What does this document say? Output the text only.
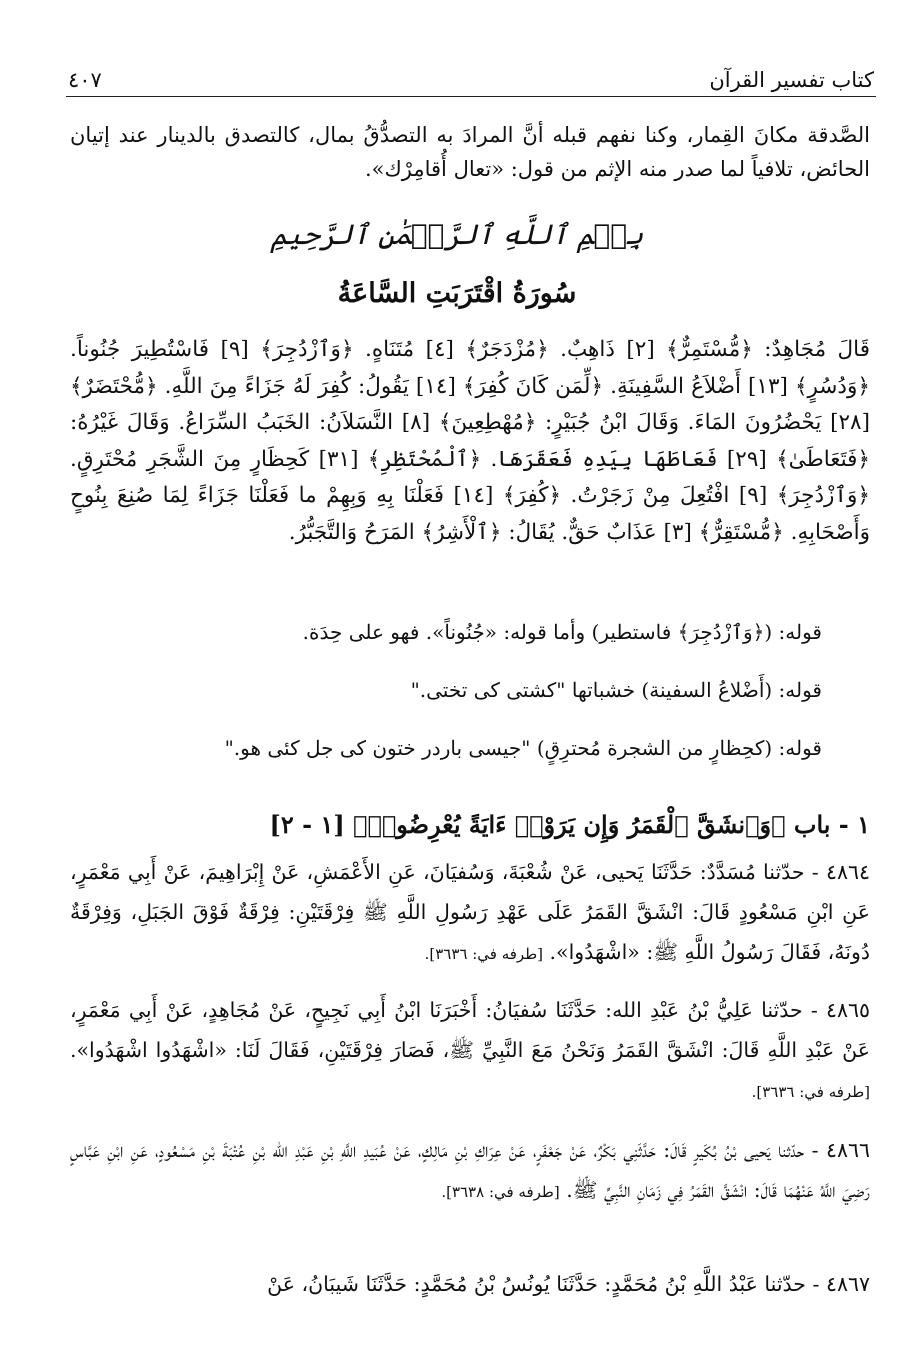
كتاب تفسير القرآن
٤٠٧
الصَّدقة مكانَ القِمار، وكنا نفهم قبله أنَّ المرادَ به التصدُّقُ بمال، كالتصدق بالدينار عند إتيان الحائض، تلافياً لما صدر منه الإثم من قول: «تعال أُقامِرْك».
بِسۡمِ ٱللَّهِ ٱلرَّحۡمَٰنِ ٱلرَّحِيمِ
سُورَةُ اقْتَرَبَتِ السَّاعَةُ
قَالَ مُجَاهِدٌ: ﴿مُّسْتَمِرٌّ﴾ [٢] ذَاهِبٌ. ﴿مُزْدَجَرٌ﴾ [٤] مُتَنَاهٍ. ﴿وَٱزْدُجِرَ﴾ [٩] فَاسْتُطِيرَ جُنُوناً. ﴿وَدُسُرٍ﴾ [١٣] أَضْلاَعُ السَّفِينَةِ. ﴿لِّمَن كَانَ كُفِرَ﴾ [١٤] يَقُولُ: كُفِرَ لَهُ جَزَاءً مِنَ اللَّهِ. ﴿مُّحْتَضَرٌ﴾ [٢٨] يَحْضُرُونَ المَاءَ. وَقَالَ ابْنُ جُبَيْرٍ: ﴿مُهْطِعِينَ﴾ [٨] النَّسَلاَنُ: الخَبَبُ السِّرَاعُ. وَقَالَ غَيْرُهُ: ﴿فَتَعَاطَىٰ﴾ [٢٩] فَعَاطَهَا بِيَدِهِ فَعَقَرَهَا. ﴿ٱلْمُحْتَظِرِ﴾ [٣١] كَحِظَارٍ مِنَ الشَّجَرِ مُحْتَرِقٍ. ﴿وَٱزْدُجِرَ﴾ [٩] افْتُعِلَ مِنْ زَجَرْتُ. ﴿كُفِرَ﴾ [١٤] فَعَلْنَا بِهِ وَبِهِمْ ما فَعَلْنَا جَزَاءً لِمَا صُنِعَ بِنُوحٍ وَأَصْحَابِهِ. ﴿مُّسْتَقِرٌّ﴾ [٣] عَذَابٌ حَقٌّ. يُقَالُ: ﴿ٱلْأَشِرُ﴾ المَرَحُ وَالتَّجَبُّرُ.
قوله: (﴿وَٱزْدُجِرَ﴾ فاستطير) وأما قوله: «جُنُوناً». فهو على حِدَة.
قوله: (أَضْلاعُ السفينة) خشباتها "كشتى كى تختى."
قوله: (كحِظارٍ من الشجرة مُحترِقٍ) "جيسى باردر ختون كى جل كئى هو."
١ - باب ﴿وَٱنشَقَّ ٱلْقَمَرُ وَإِن يَرَوْا۟ ءَايَةً يُعْرِضُوا۟﴾ [١ - ٢]
٤٨٦٤ - حدّثنا مُسَدَّدٌ: حَدَّثَنَا يَحيى، عَنْ شُعْبَةَ، وَسُفيَانَ، عَنِ الأَعْمَشِ، عَنْ إِبْرَاهِيمَ، عَنْ أَبِي مَعْمَرٍ، عَنِ ابْنِ مَسْعُودٍ قَالَ: انْشَقَّ القَمَرُ عَلَى عَهْدِ رَسُولِ اللَّهِ ﷺ فِرْقَتَيْنِ: فِرْقَةٌ فَوْقَ الجَبَلِ، وَفِرْقَةٌ دُونَهُ، فَقَالَ رَسُولُ اللَّهِ ﷺ: «اشْهَدُوا». [طرفه في: ٣٦٣٦].
٤٨٦٥ - حدّثنا عَلِيُّ بْنُ عَبْدِ الله: حَدَّثَنَا سُفيَانُ: أَخْبَرَنَا ابْنُ أَبِي نَجِيحٍ، عَنْ مُجَاهِدٍ، عَنْ أَبِي مَعْمَرٍ، عَنْ عَبْدِ اللَّهِ قَالَ: انْشَقَّ القَمَرُ وَنَحْنُ مَعَ النَّبِيِّ ﷺ، فَصَارَ فِرْقَتَيْنِ، فَقَالَ لَنَا: «اشْهَدُوا اشْهَدُوا». [طرفه في: ٣٦٣٦].
٤٨٦٦ - حدّثنا يَحيى بْنُ بُكَيرٍ قَالَ: حَدَّثَنِي بَكْرٌ، عَنْ جَعْفَرٍ، عَنْ عِرَاكِ بْنِ مَالِكٍ، عَنْ عُبَيدِ اللَّهِ بْنِ عَبْدِ الله بْنِ عُتْبَةَ بْنِ مَسْعُودٍ، عَنِ ابْنِ عَبَّاسٍ رَضِيَ اللَّهُ عَنْهُمَا قَالَ: انْشَقَّ القَمَرُ فِي زَمَانِ النَّبِيِّ ﷺ. [طرفه في: ٣٦٣٨].
٤٨٦٧ - حدّثنا عَبْدُ اللَّهِ بْنُ مُحَمَّدٍ: حَدَّثَنَا يُونُسُ بْنُ مُحَمَّدٍ: حَدَّثَنَا شَيبَانُ، عَنْ
